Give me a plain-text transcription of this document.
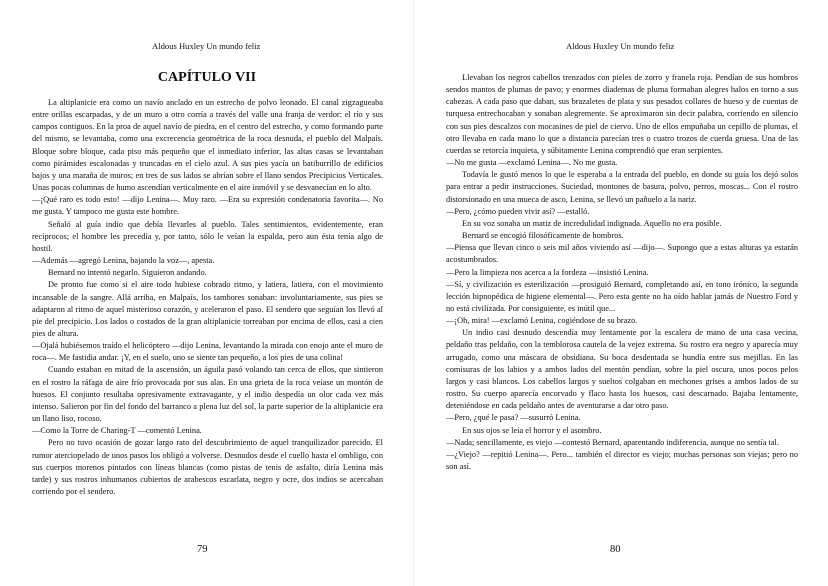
Aldous Huxley Un mundo feliz
CAPÍTULO VII

La altiplanicie era como un navío anclado en un estrecho de polvo leonado. El canal zigzagueaba entre orillas escarpadas, y de un muro a otro corría a través del valle una franja de verdor: el río y sus campos contiguos. En la proa de aquel navío de piedra, en el centro del estrecho, y como formando parte del mismo, se levantaba, como una excrecencia geométrica de la roca desnuda, el pueblo del Malpaís. Bloque sobre bloque, cada piso más pequeño que el inmediato inferior, las altas casas se levantaban como pirámides escalonadas y truncadas en el cielo azul. A sus pies yacía un batiburrillo de edificios bajos y una maraña de muros; en tres de sus lados se abrían sobre el llano sendos Precipicios Verticales. Unas pocas columnas de humo ascendían verticalmente en el aire inmóvil y se desvanecían en lo alto.

—¡Qué raro es todo esto! —dijo Lenina—. Muy raro. —Era su expresión condenatoria favorita—. No me gusta. Y tampoco me gusta este hombre.

Señaló al guía indio que debía llevarles al pueblo. Tales sentimientos, evidentemente, eran recíprocos; el hombre les precedía y, por tanto, sólo le veían la espalda, pero aun ésta tenía algo de hostil.

—Además —agregó Lenina, bajando la voz—, apesta.

Bernard no intentó negarlo. Siguieron andando.

De pronto fue como si el aire todo hubiese cobrado ritmo, y latiera, latiera, con el movimiento incansable de la sangre. Allá arriba, en Malpaís, los tambores sonaban: involuntariamente, sus pies se adaptaron al ritmo de aquel misterioso corazón, y aceleraron el paso. El sendero que seguían los llevó al pie del precipicio. Los lados o costados de la gran altiplanicie torreaban por encima de ellos, casi a cien pies de altura.

—Ojalá hubiésemos traído el helicóptero —dijo Lenina, levantando la mirada con enojo ante el muro de roca—. Me fastidia andar. ¡Y, en el suelo, uno se siente tan pequeño, a los pies de una colina!

Cuando estaban en mitad de la ascensión, un águila pasó volando tan cerca de ellos, que sintieron en el rostro la ráfaga de aire frío provocada por sus alas. En una grieta de la roca veíase un montón de huesos. El conjunto resultaba opresivamente extravagante, y el indio despedía un olor cada vez más intenso. Salieron por fin del fondo del barranco a plena luz del sol, la parte superior de la altiplanicie era un llano liso, rocoso.

—Como la Torre de Charing-T —comentó Lenina.

Pero no tuvo ocasión de gozar largo rato del descubrimiento de aquel tranquilizador parecido. El rumor aterciopelado de unos pasos los obligó a volverse. Desnudos desde el cuello hasta el ombligo, con sus cuerpos morenos pintados con líneas blancas (como pistas de tenis de asfalto, diría Lenina más tarde) y sus rostros inhumanos cubiertos de arabescos escarlata, negro y ocre, dos indios se acercaban corriendo por el sendero.

79
Aldous Huxley Un mundo feliz

Llevaban los negros cabellos trenzados con pieles de zorro y franela roja. Pendían de sus hombros sendos mantos de plumas de pavo; y enormes diademas de pluma formaban alegres halos en torno a sus cabezas. A cada paso que daban, sus brazaletes de plata y sus pesados collares de hueso y de cuentas de turquesa entrechocaban y sonaban alegremente. Se aproximaron sin decir palabra, corriendo en silencio con sus pies descalzos con mocasines de piel de ciervo. Uno de ellos empuñaba un cepillo de plumas, el otro llevaba en cada mano lo que a distancia parecían tres o cuatro trozos de cuerda gruesa. Una de las cuerdas se retorcía inquieta, y súbitamente Lenina comprendió que eran serpientes.

—No me gusta —exclamó Lenina—. No me gusta.

Todavía le gustó menos lo que le esperaba a la entrada del pueblo, en donde su guía los dejó solos para entrar a pedir instrucciones. Suciedad, montones de basura, polvo, perros, moscas... Con el rostro distorsionado en una mueca de asco, Lenina, se llevó un pañuelo a la nariz.

—Pero, ¿cómo pueden vivir así? —estalló.

En su voz sonaba un matiz de incredulidad indignada. Aquello no era posible.

Bernard se encogió filosóficamente de hombros.

—Piensa que llevan cinco o seis mil años viviendo así —dijo—. Supongo que a estas alturas ya estarán acostumbrados.

—Pero la limpieza nos acerca a la fordeza —insistió Lenina.

—Sí, y civilización es esterilización —prosiguió Bernard, completando así, en tono irónico, la segunda lección hipnopédica de higiene elemental—. Pero esta gente no ha oído hablar jamás de Nuestro Ford y no está civilizada. Por consiguiente, es inútil que...

—¡Oh, mira! —exclamó Lenina, cogiéndose de su brazo.

Un indio casi desnudo descendía muy lentamente por la escalera de mano de una casa vecina, peldaño tras peldaño, con la temblorosa cautela de la vejez extrema. Su rostro era negro y aparecía muy arrugado, como una máscara de obsidiana. Su boca desdentada se hundía entre sus mejillas. En las comisuras de los labios y a ambos lados del mentón pendían, sobre la piel oscura, unos pocos pelos largos y casi blancos. Los cabellos largos y sueltos colgaban en mechones grises a ambos lados de su rostro. Su cuerpo aparecía encorvado y flaco hasta los huesos, casi descarnado. Bajaba lentamente, deteniéndose en cada peldaño antes de aventurarse a dar otro paso.

—Pero, ¿qué le pasa? —susurró Lenina.

En sus ojos se leía el horror y el asombro.

—Nada; sencillamente, es viejo —contestó Bernard, aparentando indiferencia, aunque no sentía tal.

—¿Viejo? —repitió Lenina—. Pero... también el director es viejo; muchas personas son viejas; pero no son así.

80
